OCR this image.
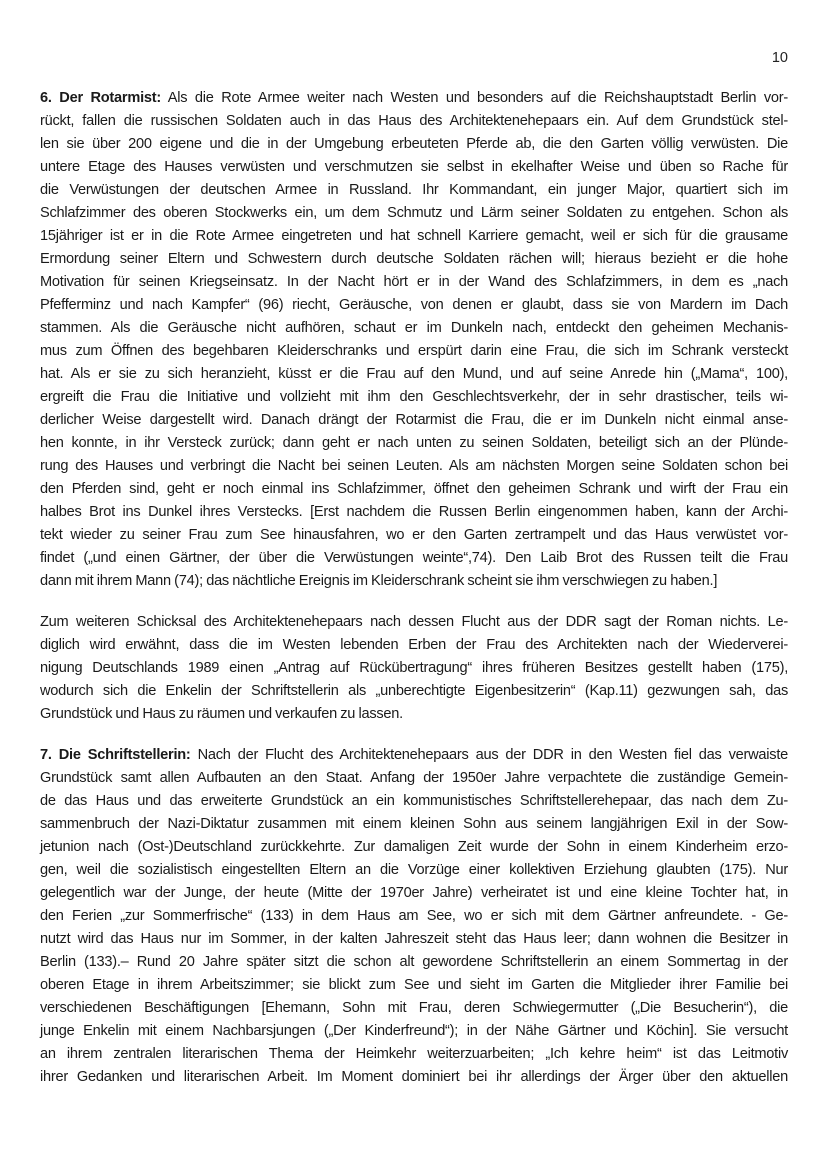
10
6. Der Rotarmist: Als die Rote Armee weiter nach Westen und besonders auf die Reichshauptstadt Berlin vor-
rückt, fallen die russischen Soldaten auch in das Haus des Architektenehepaars ein. Auf dem Grundstück stel-
len sie über 200 eigene und die in der Umgebung erbeuteten Pferde ab, die den Garten völlig verwüsten. Die
untere Etage des Hauses verwüsten und verschmutzen sie selbst in ekelhafter Weise und üben so Rache für
die Verwüstungen der deutschen Armee in Russland. Ihr Kommandant, ein junger Major, quartiert sich im
Schlafzimmer des oberen Stockwerks ein, um dem Schmutz und Lärm seiner Soldaten zu entgehen. Schon als
15jähriger ist er in die Rote Armee eingetreten und hat schnell Karriere gemacht, weil er sich für die grausame
Ermordung seiner Eltern und Schwestern durch deutsche Soldaten rächen will; hieraus bezieht er die hohe
Motivation für seinen Kriegseinsatz. In der Nacht hört er in der Wand des Schlafzimmers, in dem es „nach
Pfefferminz und nach Kampfer“ (96) riecht, Geräusche, von denen er glaubt, dass sie von Mardern im Dach
stammen. Als die Geräusche nicht aufhören, schaut er im Dunkeln nach, entdeckt den geheimen Mechanis-
mus zum Öffnen des begehbaren Kleiderschranks und erspürt darin eine Frau, die sich im Schrank versteckt
hat. Als er sie zu sich heranzieht, küsst er die Frau auf den Mund, und auf seine Anrede hin („Mama“, 100),
ergreift die Frau die Initiative und vollzieht mit ihm den Geschlechtsverkehr, der in sehr drastischer, teils wi-
derlicher Weise dargestellt wird. Danach drängt der Rotarmist die Frau, die er im Dunkeln nicht einmal anse-
hen konnte, in ihr Versteck zurück; dann geht er nach unten zu seinen Soldaten, beteiligt sich an der Plünde-
rung des Hauses und verbringt die Nacht bei seinen Leuten. Als am nächsten Morgen seine Soldaten schon bei
den Pferden sind, geht er noch einmal ins Schlafzimmer, öffnet den geheimen Schrank und wirft der Frau ein
halbes Brot ins Dunkel ihres Verstecks. [Erst nachdem die Russen Berlin eingenommen haben, kann der Archi-
tekt wieder zu seiner Frau zum See hinausfahren, wo er den Garten zertrampelt und das Haus verwüstet vor-
findet („und einen Gärtner, der über die Verwüstungen weinte“,74). Den Laib Brot des Russen teilt die Frau
dann mit ihrem Mann (74); das nächtliche Ereignis im Kleiderschrank scheint sie ihm verschwiegen zu haben.]
Zum weiteren Schicksal des Architektenehepaars nach dessen Flucht aus der DDR sagt der Roman nichts. Le-
diglich wird erwähnt, dass die im Westen lebenden Erben der Frau des Architekten nach der Wiederverei-
nigung Deutschlands 1989 einen „Antrag auf Rückübertragung“ ihres früheren Besitzes gestellt haben (175),
wodurch sich die Enkelin der Schriftstellerin als „unberechtigte Eigenbesitzerin“ (Kap.11) gezwungen sah, das
Grundstück und Haus zu räumen und verkaufen zu lassen.
7. Die Schriftstellerin: Nach der Flucht des Architektenehepaars aus der DDR in den Westen fiel das verwaiste
Grundstück samt allen Aufbauten an den Staat. Anfang der 1950er Jahre verpachtete die zuständige Gemein-
de das Haus und das erweiterte Grundstück an ein kommunistisches Schriftstellerehepaar, das nach dem Zu-
sammenbruch der Nazi-Diktatur zusammen mit einem kleinen Sohn aus seinem langjährigen Exil in der Sow-
jetunion nach (Ost-)Deutschland zurückkehrte. Zur damaligen Zeit wurde der Sohn in einem Kinderheim erzo-
gen, weil die sozialistisch eingestellten Eltern an die Vorzüge einer kollektiven Erziehung glaubten (175). Nur
gelegentlich war der Junge, der heute (Mitte der 1970er Jahre) verheiratet ist und eine kleine Tochter hat, in
den Ferien „zur Sommerfrische“ (133) in dem Haus am See, wo er sich mit dem Gärtner anfreundete. - Ge-
nutzt wird das Haus nur im Sommer, in der kalten Jahreszeit steht das Haus leer; dann wohnen die Besitzer in
Berlin (133).– Rund 20 Jahre später sitzt die schon alt gewordene Schriftstellerin an einem Sommertag in der
oberen Etage in ihrem Arbeitszimmer; sie blickt zum See und sieht im Garten die Mitglieder ihrer Familie bei
verschiedenen Beschäftigungen [Ehemann, Sohn mit Frau, deren Schwiegermutter („Die Besucherin“), die
junge Enkelin mit einem Nachbarsjungen („Der Kinderfreund“); in der Nähe Gärtner und Köchin]. Sie versucht
an ihrem zentralen literarischen Thema der Heimkehr weiterzuarbeiten; „Ich kehre heim“ ist das Leitmotiv
ihrer Gedanken und literarischen Arbeit. Im Moment dominiert bei ihr allerdings der Ärger über den aktuellen
